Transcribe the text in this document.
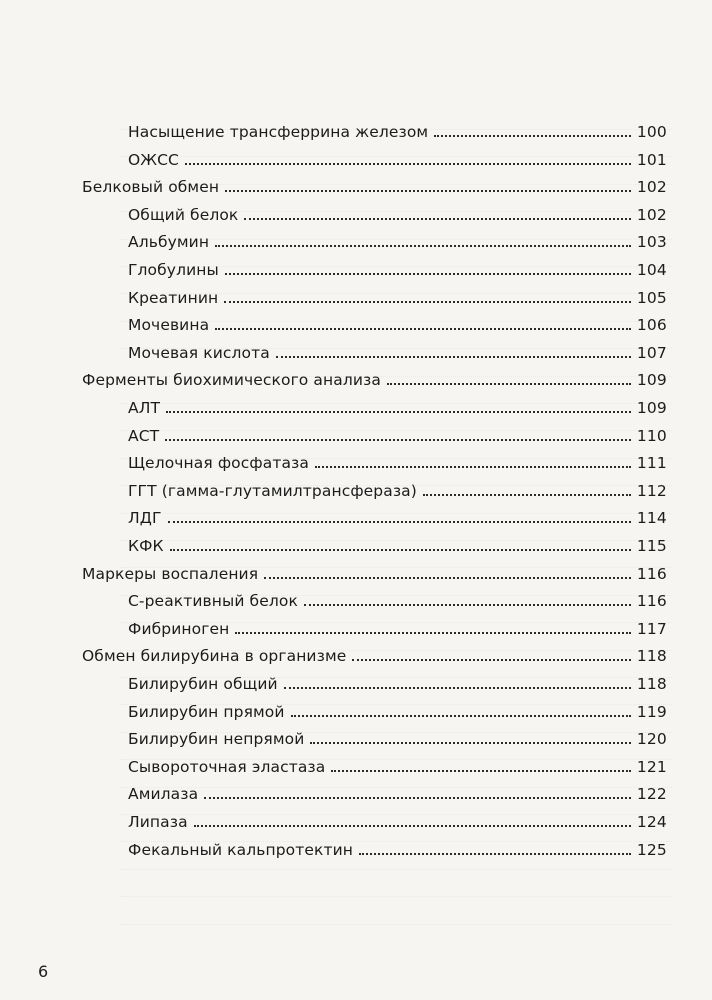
Насыщение трансферрина железом	100
ОЖСС	101
Белковый обмен	102
Общий белок	102
Альбумин	103
Глобулины	104
Креатинин	105
Мочевина	106
Мочевая кислота	107
Ферменты биохимического анализа	109
АЛТ	109
АСТ	110
Щелочная фосфатаза	111
ГГТ (гамма-глутамилтрансфераза)	112
ЛДГ	114
КФК	115
Маркеры воспаления	116
С-реактивный белок	116
Фибриноген	117
Обмен билирубина в организме	118
Билирубин общий	118
Билирубин прямой	119
Билирубин непрямой	120
Сывороточная эластаза	121
Амилаза	122
Липаза	124
Фекальный кальпротектин	125
6
